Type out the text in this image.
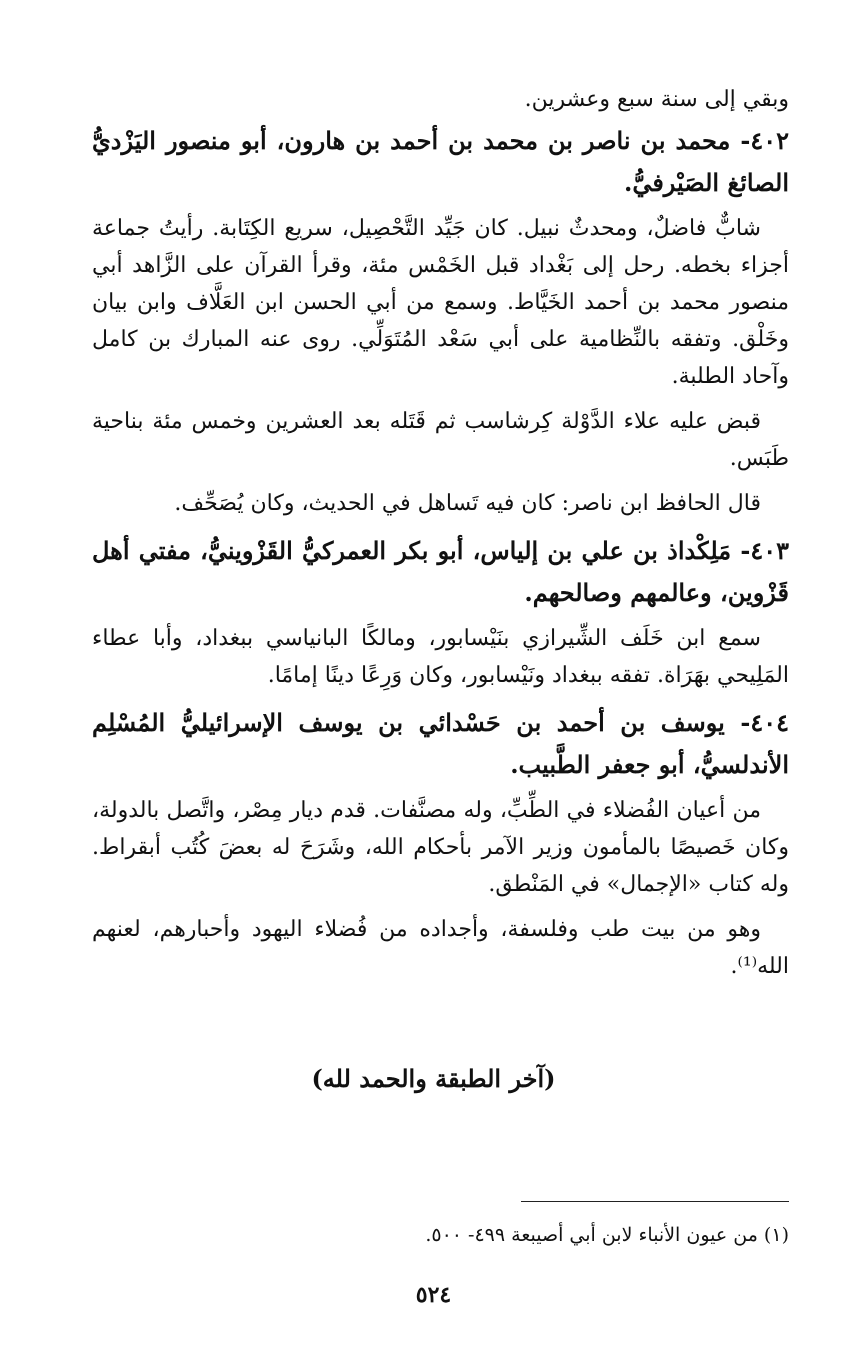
وبقي إلى سنة سبع وعشرين.

٤٠٢- محمد بن ناصر بن محمد بن أحمد بن هارون، أبو منصور اليَزْديُّ الصائغ الصَيْرفيُّ.

شابٌّ فاضلٌ، ومحدثٌ نبيل. كان جَيِّد التَّحْصِيل، سريع الكِتَابة. رأيتُ جماعة أجزاء بخطه. رحل إلى بَغْداد قبل الخَمْس مئة، وقرأ القرآن على الزَّاهد أبي منصور محمد بن أحمد الخَيَّاط. وسمع من أبي الحسن ابن العَلَّاف وابن بيان وخَلْق. وتفقه بالنِّظامية على أبي سَعْد المُتَوَلِّي. روى عنه المبارك بن كامل وآحاد الطلبة.

قبض عليه علاء الدَّوْلة كِرشاسب ثم قَتَله بعد العشرين وخمس مئة بناحية طَبَس.

قال الحافظ ابن ناصر: كان فيه تَساهل في الحديث، وكان يُصَحِّف.

٤٠٣- مَلِكْداذ بن علي بن إلياس، أبو بكر العمركيُّ القَزْوينيُّ، مفتي أهل قَزْوين، وعالمهم وصالحهم.

سمع ابن خَلَف الشِّيرازي بنَيْسابور، ومالكًا البانياسي ببغداد، وأبا عطاء المَلِيحي بهَرَاة. تفقه ببغداد ونَيْسابور، وكان وَرِعًا دينًا إمامًا.

٤٠٤- يوسف بن أحمد بن حَسْدائي بن يوسف الإسرائيليُّ المُسْلِم الأندلسيُّ، أبو جعفر الطَّبيب.

من أعيان الفُضلاء في الطِّبِّ، وله مصنَّفات. قدم ديار مِصْر، واتَّصل بالدولة، وكان خَصيصًا بالمأمون وزير الآمر بأحكام الله، وشَرَحَ له بعضَ كُتُب أبقراط. وله كتاب «الإجمال» في المَنْطق.

وهو من بيت طب وفلسفة، وأجداده من فُضلاء اليهود وأحبارهم، لعنهم الله⁽¹⁾.

(آخر الطبقة والحمد لله)
(١) من عيون الأنباء لابن أبي أصيبعة ٤٩٩- ٥٠٠.
٥٢٤
